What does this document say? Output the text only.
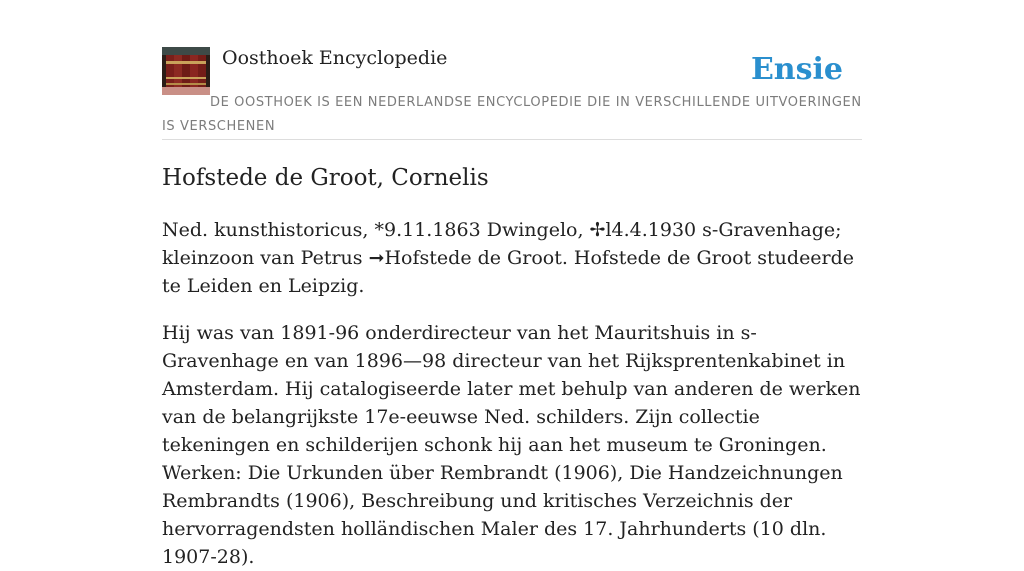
Oosthoek Encyclopedie	Ensie
DE OOSTHOEK IS EEN NEDERLANDSE ENCYCLOPEDIE DIE IN VERSCHILLENDE UITVOERINGEN IS VERSCHENEN
Hofstede de Groot, Cornelis

Ned. kunsthistoricus, *9.11.1863 Dwingelo, ✢l4.4.1930 s-Gravenhage; kleinzoon van Petrus ➞Hofstede de Groot. Hofstede de Groot studeerde te Leiden en Leipzig.

Hij was van 1891-96 onderdirecteur van het Mauritshuis in s-Gravenhage en van 1896—98 directeur van het Rijksprentenkabinet in Amsterdam. Hij catalogiseerde later met behulp van anderen de werken van de belangrijkste 17e-eeuwse Ned. schilders. Zijn collectie tekeningen en schilderijen schonk hij aan het museum te Groningen. Werken: Die Urkunden über Rembrandt (1906), Die Handzeichnungen Rembrandts (1906), Beschreibung und kritisches Verzeichnis der hervorragendsten holländischen Maler des 17. Jahrhunderts (10 dln. 1907-28).
